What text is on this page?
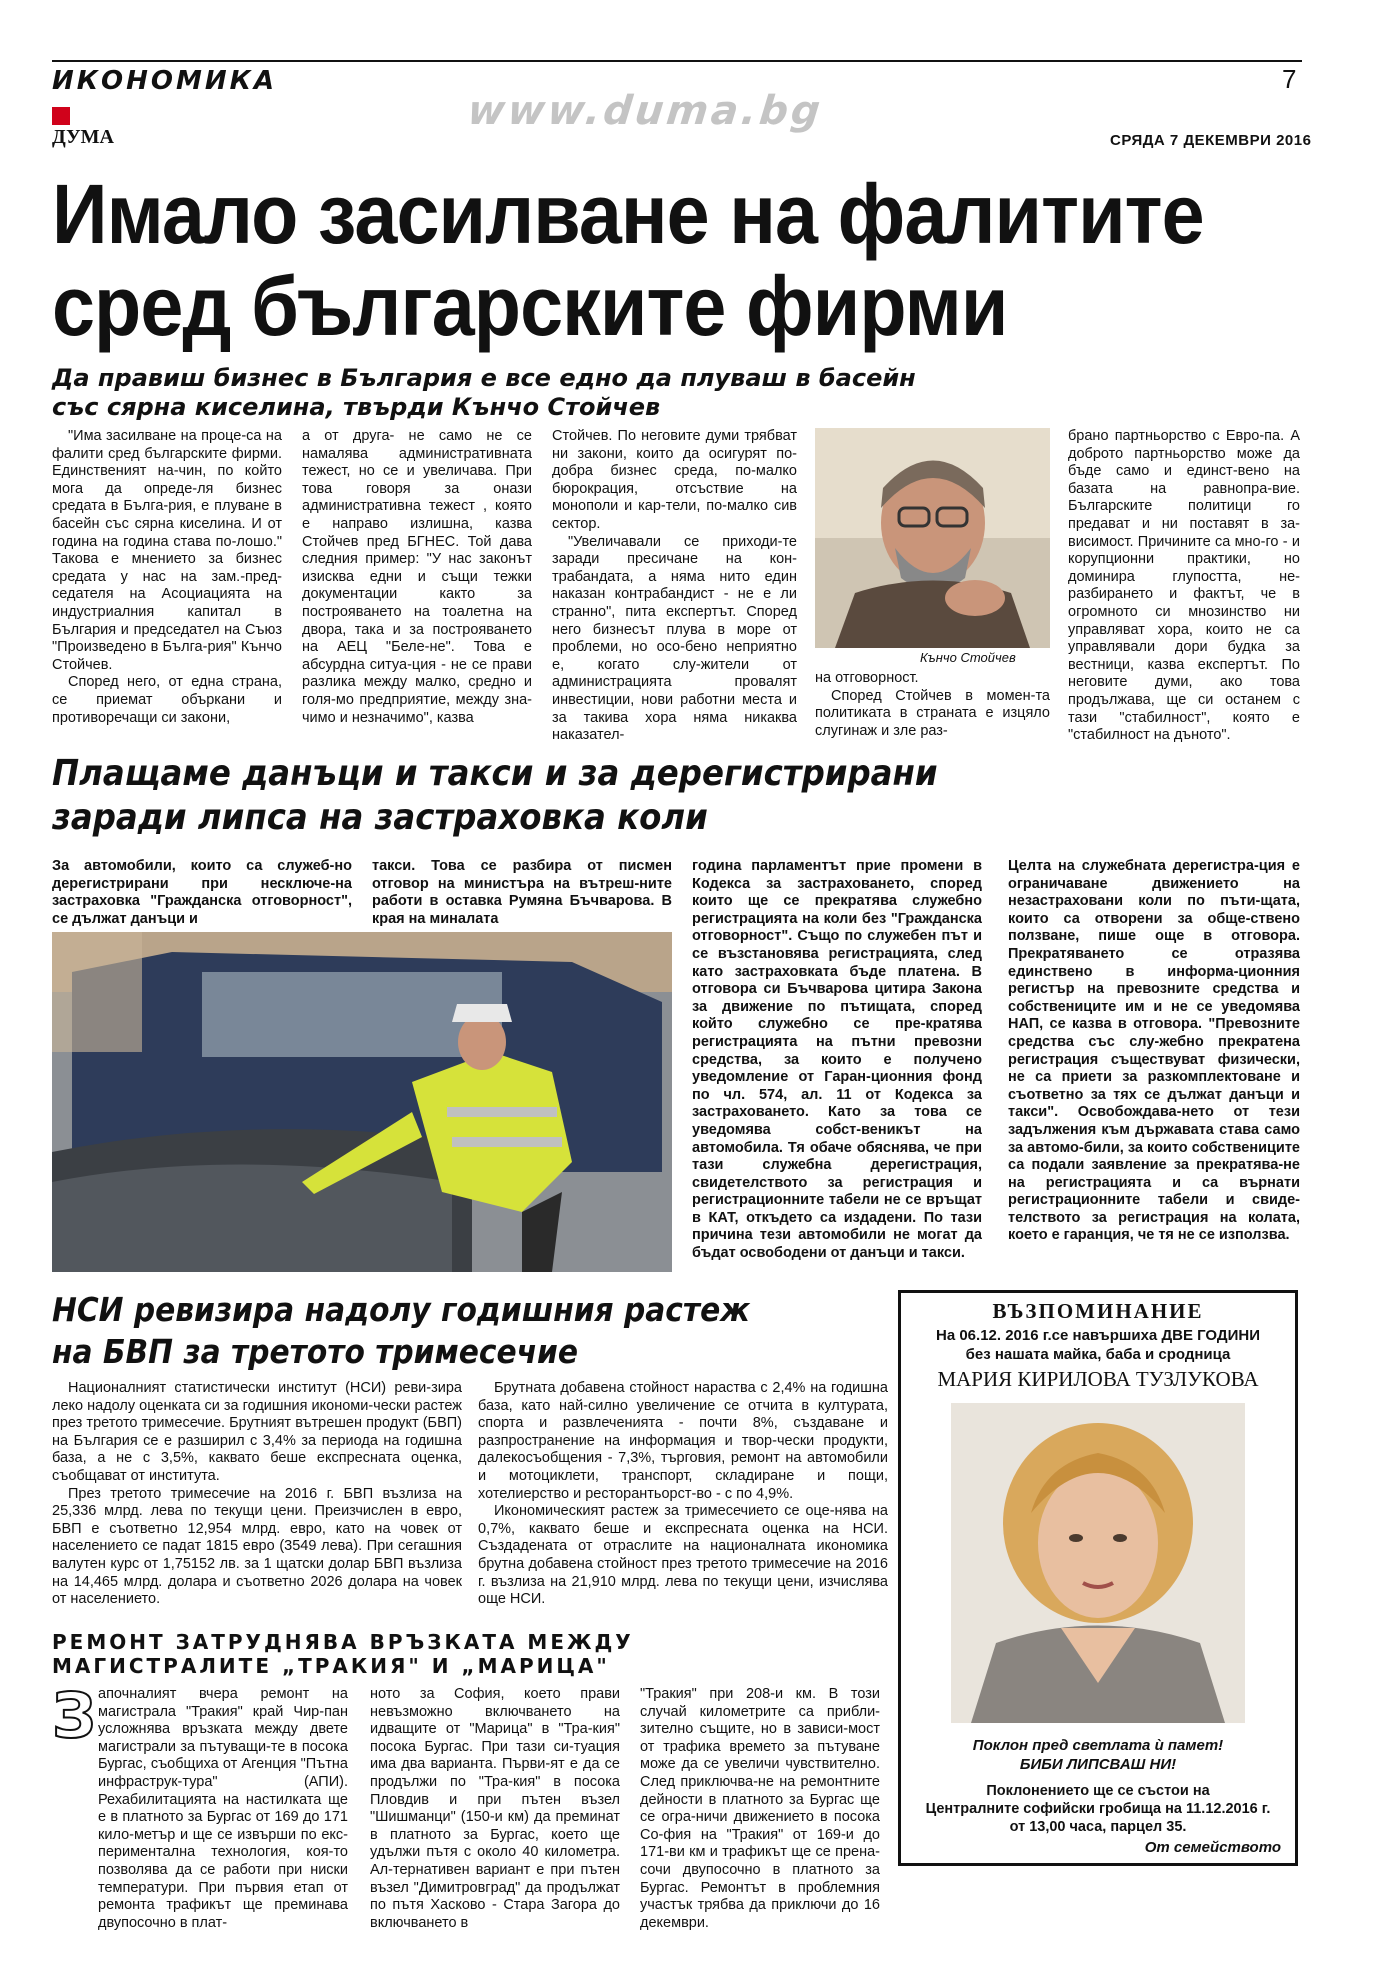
ИКОНОМИКА	7
www.duma.bg
ДУМА	СРЯДА 7 ДЕКЕМВРИ 2016
Имало засилване на фалитите
сред българските фирми
Да правиш бизнес в България е все едно да плуваш в басейн
със сярна киселина, твърди Кънчо Стойчев

"Има засилване на проце-са на фалити сред българските фирми. Единственият на-чин, по който мога да опреде-ля бизнес средата в Бълга-рия, е плуване в басейн със сярна киселина. И от година на година става по-лошо." Такова е мнението за бизнес средата у нас на зам.-пред-седателя на Асоциацията на индустриалния капитал в България и председател на Съюз "Произведено в Бълга-рия" Кънчо Стойчев.

Според него, от една страна, се приемат объркани и противоречащи си закони,

а от друга- не само не се намалява административната тежест, но се и увеличава. При това говоря за онази административна тежест , която е направо излишна, казва Стойчев пред БГНЕС. Той дава следния пример: "У нас законът изисква едни и същи тежки документации както за построяването на тоалетна на двора, така и за построяването на АЕЦ "Беле-не". Това е абсурдна ситуа-ция - не се прави разлика между малко, средно и голя-мо предприятие, между зна-чимо и незначимо", казва

Стойчев. По неговите думи трябват ни закони, които да осигурят по-добра бизнес среда, по-малко бюрокрация, отсъствие на монополи и кар-тели, по-малко сив сектор.

"Увеличавали се приходи-те заради пресичане на кон-трабандата, а няма нито един наказан контрабандист - не е ли странно", пита експертът. Според него бизнесът плува в море от проблеми, но осо-бено неприятно е, когато слу-жители от администрацията провалят инвестиции, нови работни места и за такива хора няма никаква наказател-

Кънчо Стойчев

на отговорност.

Според Стойчев в момен-та политиката в страната е изцяло слугинаж и зле раз-

брано партньорство с Евро-па. А доброто партньорство може да бъде само и единст-вено на базата на равнопра-вие. Българските политици го предават и ни поставят в за-висимост. Причините са мно-го - и корупционни практики, но доминира глупостта, не-разбирането и фактът, че в огромното си мнозинство ни управляват хора, които не са управлявали дори будка за вестници, казва експертът. По неговите думи, ако това продължава, ще си останем с тази "стабилност", която е "стабилност на дъното".

Плащаме данъци и такси и за дерегистрирани
заради липса на застраховка коли
За автомобили, които са служеб-но дерегистрирани при несключе-на застраховка "Гражданска отговорност", се дължат данъци и
такси. Това се разбира от писмен отговор на министъра на вътреш-ните работи в оставка Румяна Бъчварова. В края на миналата
година парламентът прие промени в Кодекса за застраховането, според които ще се прекратява служебно регистрацията на коли без "Гражданска отговорност". Също по служебен път и се възстановява регистрацията, след като застраховката бъде платена. В отговора си Бъчварова цитира Закона за движение по пътищата, според който служебно се пре-кратява регистрацията на пътни превозни средства, за които е получено уведомление от Гаран-ционния фонд по чл. 574, ал. 11 от Кодекса за застраховането. Като за това се уведомява собст-веникът на автомобила. Тя обаче обяснява, че при тази служебна дерегистрация, свидетелството за регистрация и регистрационните табели не се връщат в КАТ, откъдето са издадени. По тази причина тези автомобили не могат да бъдат освободени от данъци и такси.
Целта на служебната дерегистра-ция е ограничаване движението на незастраховани коли по пъти-щата, които са отворени за обще-ствено ползване, пише още в отговора. Прекратяването се отразява единствено в информа-ционния регистър на превозните средства и собствениците им и не се уведомява НАП, се казва в отговора. "Превозните средства със слу-жебно прекратена регистрация съществуват физически, не са приети за разкомплектоване и съответно за тях се дължат данъци и такси". Освобождава-нето от тези задължения към държавата става само за автомо-били, за които собствениците са подали заявление за прекратява-не на регистрацията и са върнати регистрационните табели и свиде-телството за регистрация на колата, което е гаранция, че тя не се използва.
НСИ ревизира надолу годишния растеж
на БВП за третото тримесечие

Националният статистически институт (НСИ) реви-зира леко надолу оценката си за годишния икономи-чески растеж през третото тримесечие. Брутният вътрешен продукт (БВП) на България се е разширил с 3,4% за периода на годишна база, а не с 3,5%, каквато беше експресната оценка, съобщават от института.

През третото тримесечие на 2016 г. БВП възлиза на 25,336 млрд. лева по текущи цени. Преизчислен в евро, БВП е съответно 12,954 млрд. евро, като на човек от населението се падат 1815 евро (3549 лева). При сегашния валутен курс от 1,75152 лв. за 1 щатски долар БВП възлиза на 14,465 млрд. долара и съответно 2026 долара на човек от населението.

Брутната добавена стойност нараства с 2,4% на годишна база, като най-силно увеличение се отчита в културата, спорта и развлеченията - почти 8%, създаване и разпространение на информация и твор-чески продукти, далекосъобщения - 7,3%, търговия, ремонт на автомобили и мотоциклети, транспорт, складиране и пощи, хотелиерство и ресторантьорст-во - с по 4,9%.

Икономическият растеж за тримесечието се оце-нява на 0,7%, каквато беше и експресната оценка на НСИ. Създадената от отраслите на националната икономика брутна добавена стойност през третото тримесечие на 2016 г. възлиза на 21,910 млрд. лева по текущи цени, изчислява още НСИ.

РЕМОНТ ЗАТРУДНЯВА ВРЪЗКАТА МЕЖДУ
МАГИСТРАЛИТЕ „ТРАКИЯ" И „МАРИЦА"
З апочналият вчера ремонт на магистрала "Тракия" край Чир-пан усложнява връзката между двете магистрали за пътуващи-те в посока Бургас, съобщиха от Агенция "Пътна инфраструк-тура" (АПИ). Рехабилитацията на настилката ще е в платното за Бургас от 169 до 171 кило-метър и ще се извърши по екс-периментална технология, коя-то позволява да се работи при ниски температури. При първия етап от ремонта трафикът ще преминава двупосочно в плат-

ното за София, което прави невъзможно включването на идващите от "Марица" в "Тра-кия" посока Бургас. При тази си-туация има два варианта. Първи-ят е да се продължи по "Тра-кия" в посока Пловдив и при пътен възел "Шишманци" (150-и км) да преминат в платното за Бургас, което ще удължи пътя с около 40 километра. Ал-тернативен вариант е при пътен възел "Димитровград" да продължат по пътя Хасково - Стара Загора до включването в

"Тракия" при 208-и км. В този случай километрите са прибли-зително същите, но в зависи-мост от трафика времето за пътуване може да се увеличи чувствително. След приключва-не на ремонтните дейности в платното за Бургас ще се огра-ничи движението в посока Со-фия на "Тракия" от 169-и до 171-ви км и трафикът ще се прена-сочи двупосочно в платното за Бургас. Ремонтът в проблемния участък трябва да приключи до 16 декември.

ВЪЗПОМИНАНИЕ
На 06.12. 2016 г.се навършиха ДВЕ ГОДИНИ
без нашата майка, баба и сродница
МАРИЯ КИРИЛОВА ТУЗЛУКОВА
Поклон пред светлата ѝ памет!
БИБИ ЛИПСВАШ НИ!
Поклонението ще се състои на
Централните софийски гробища на 11.12.2016 г.
от 13,00 часа, парцел 35.
От семейството
